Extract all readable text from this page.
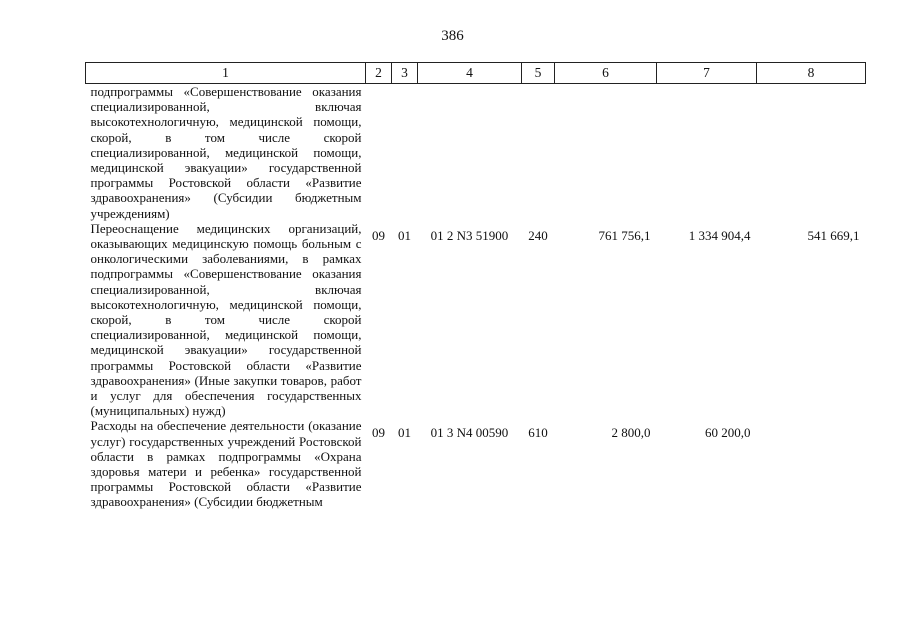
386
1	2	3	4	5	6	7	8
подпрограммы «Совершенствование оказания специализированной, включая высокотехнологичную, медицинской помощи, скорой, в том числе скорой специализированной, медицинской помощи, медицинской эвакуации» государственной программы Ростовской области «Развитие здравоохранения» (Субсидии бюджетным учреждениям)							
Переоснащение медицинских организаций, оказывающих медицинскую помощь больным с онкологическими заболеваниями, в рамках подпрограммы «Совершенствование оказания специализированной, включая высокотехнологичную, медицинской помощи, скорой, в том числе скорой специализированной, медицинской помощи, медицинской эвакуации» государственной программы Ростовской области «Развитие здравоохранения» (Иные закупки товаров, работ и услуг для обеспечения государственных (муниципальных) нужд)	09	01	01 2 N3 51900	240	761 756,1	1 334 904,4	541 669,1
Расходы на обеспечение деятельности (оказание услуг) государственных учреждений Ростовской области в рамках подпрограммы «Охрана здоровья матери и ребенка» государственной программы Ростовской области «Развитие здравоохранения» (Субсидии бюджетным	09	01	01 3 N4 00590	610	2 800,0	60 200,0	
